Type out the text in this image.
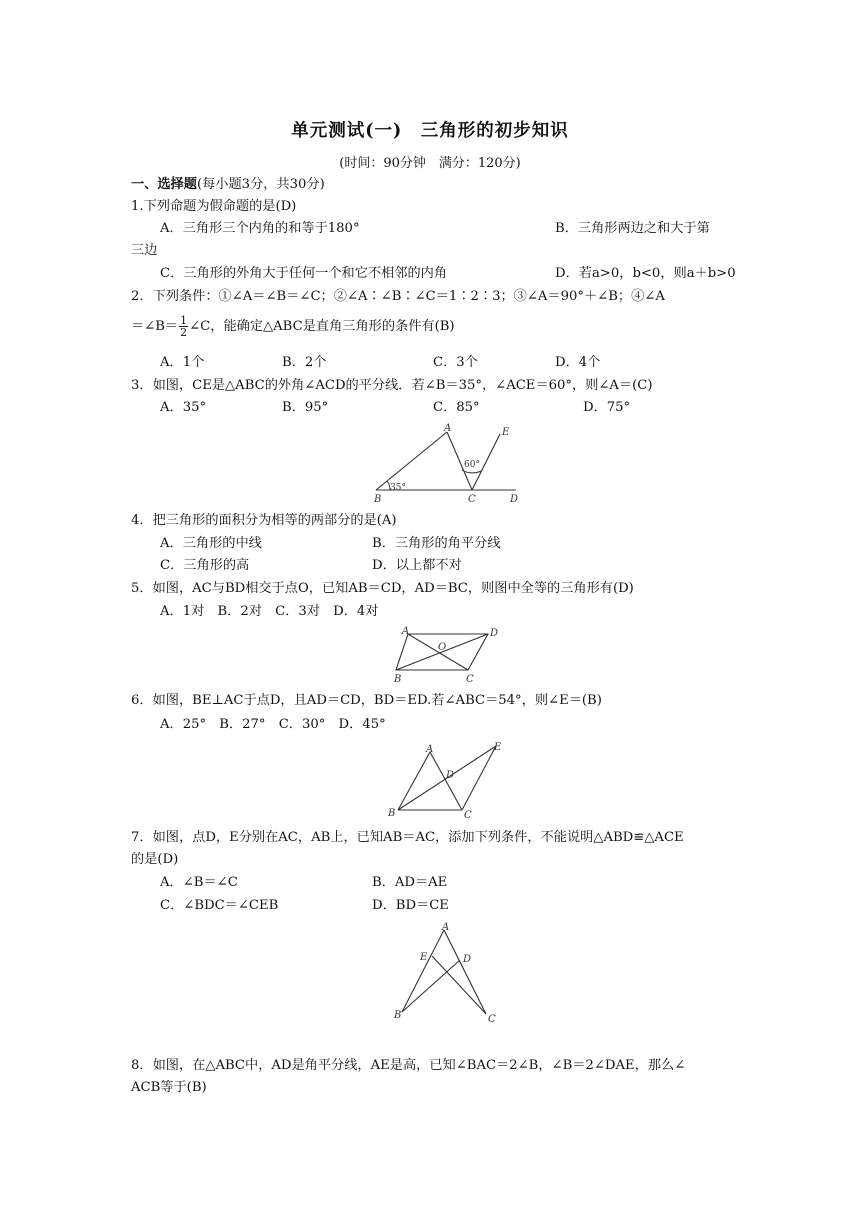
单元测试(一)　三角形的初步知识
(时间：90分钟　满分：120分)
一、选择题(每小题3分，共30分)
1.下列命题为假命题的是(D)
A．三角形三个内角的和等于180°	B．三角形两边之和大于第
三边
C．三角形的外角大于任何一个和它不相邻的内角	D．若a>0，b<0，则a＋b>0
2．下列条件：①∠A＝∠B＝∠C；②∠A∶∠B∶∠C＝1∶2∶3；③∠A＝90°＋∠B；④∠A
＝∠B＝ $\frac{1}{2}$ ∠C，能确定△ABC是直角三角形的条件有(B)
A．1个	B．2个	C．3个	D．4个
3．如图，CE是△ABC的外角∠ACD的平分线．若∠B＝35°，∠ACE＝60°，则∠A＝(C)
A．35°	B．95°	C．85°	D．75°
A
B	C	D
E
60°
35°
4．把三角形的面积分为相等的两部分的是(A)
A．三角形的中线	B．三角形的角平分线
C．三角形的高	D．以上都不对
5．如图，AC与BD相交于点O，已知AB＝CD，AD＝BC，则图中全等的三角形有(D)
A．1对　B．2对　C．3对　D．4对
A	D
B	C
O
6．如图，BE⊥AC于点D，且AD＝CD，BD＝ED.若∠ABC＝54°，则∠E＝(B)
A．25°　B．27°　C．30°　D．45°
A
B	C
D
E
7．如图，点D，E分别在AC，AB上，已知AB＝AC，添加下列条件，不能说明△ABD≌△ACE
的是(D)
A．∠B＝∠C	B．AD＝AE
C．∠BDC＝∠CEB	D．BD＝CE
A
B	C
D
E
8．如图，在△ABC中，AD是角平分线，AE是高，已知∠BAC＝2∠B，∠B＝2∠DAE，那么∠
ACB等于(B)
